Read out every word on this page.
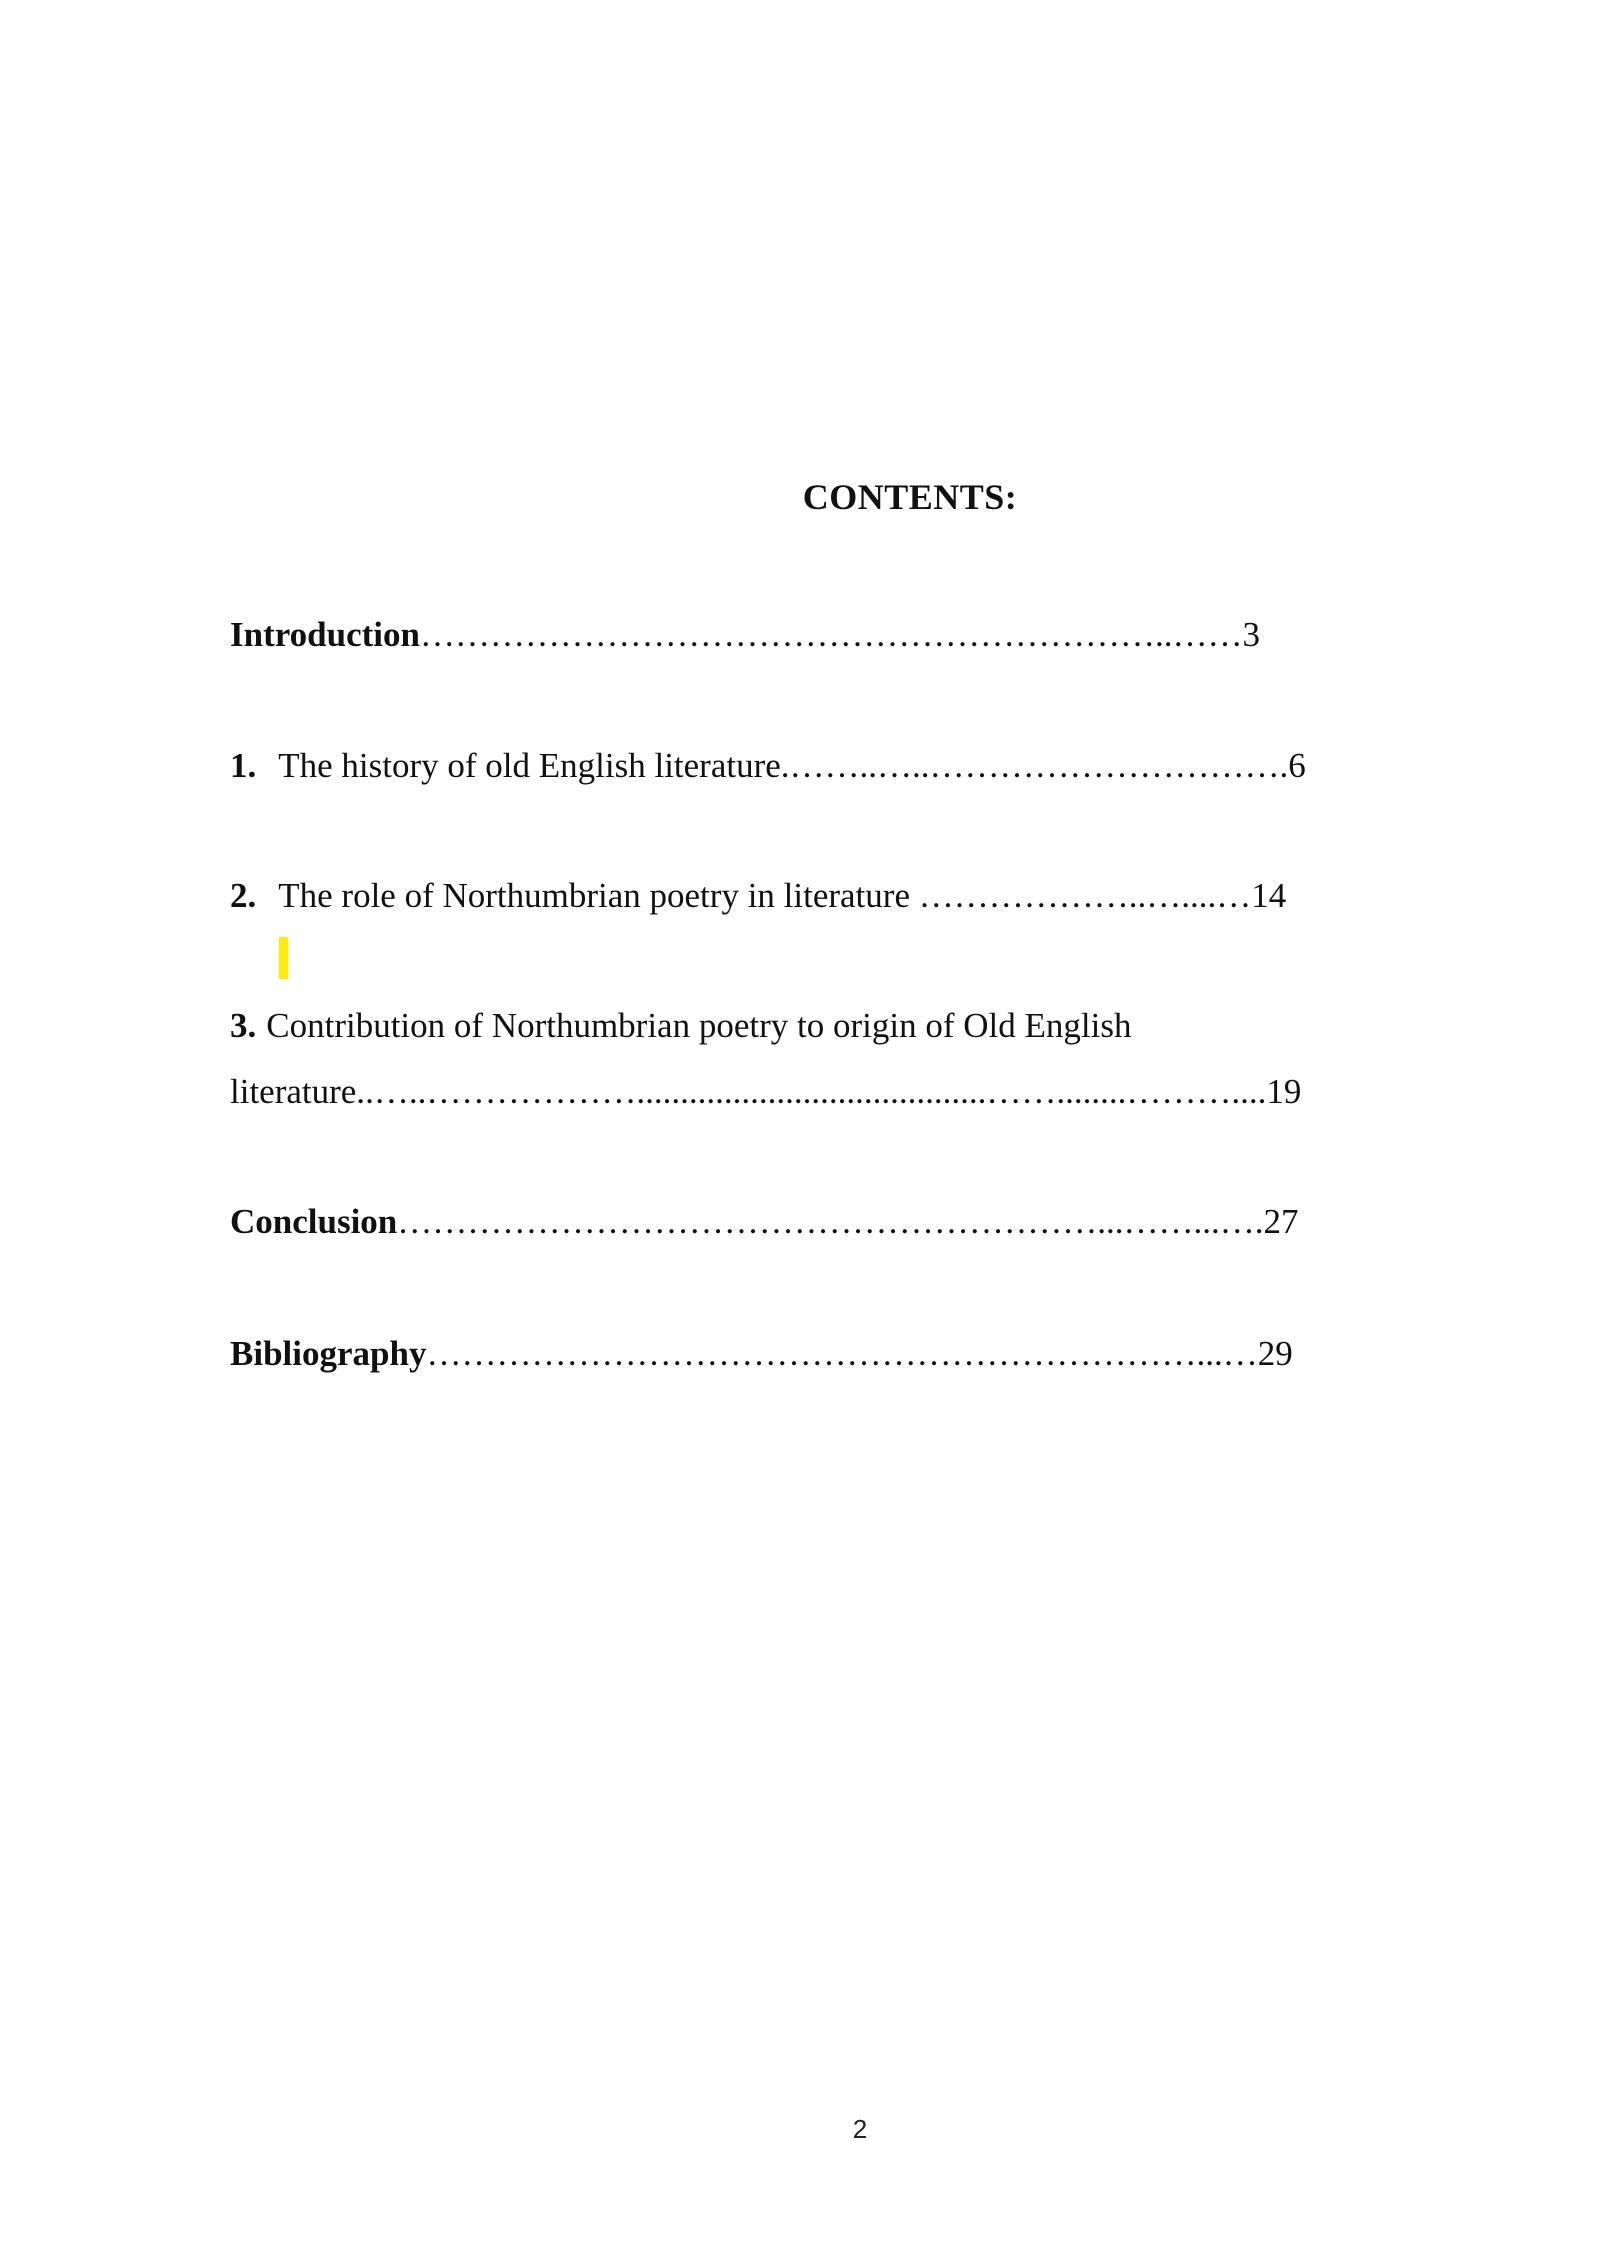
CONTENTS:
Introduction………………………………………………………..……3
1. The history of old English literature.……..…..………………………….6
2. The role of Northumbrian poetry in literature ………………..…....…14
3. Contribution of Northumbrian poetry to origin of Old English
literature..…..………………........................................……........………....19
Conclusion……………………………………………………...……...….27
Bibliography…………………………………………………………...…29
2
